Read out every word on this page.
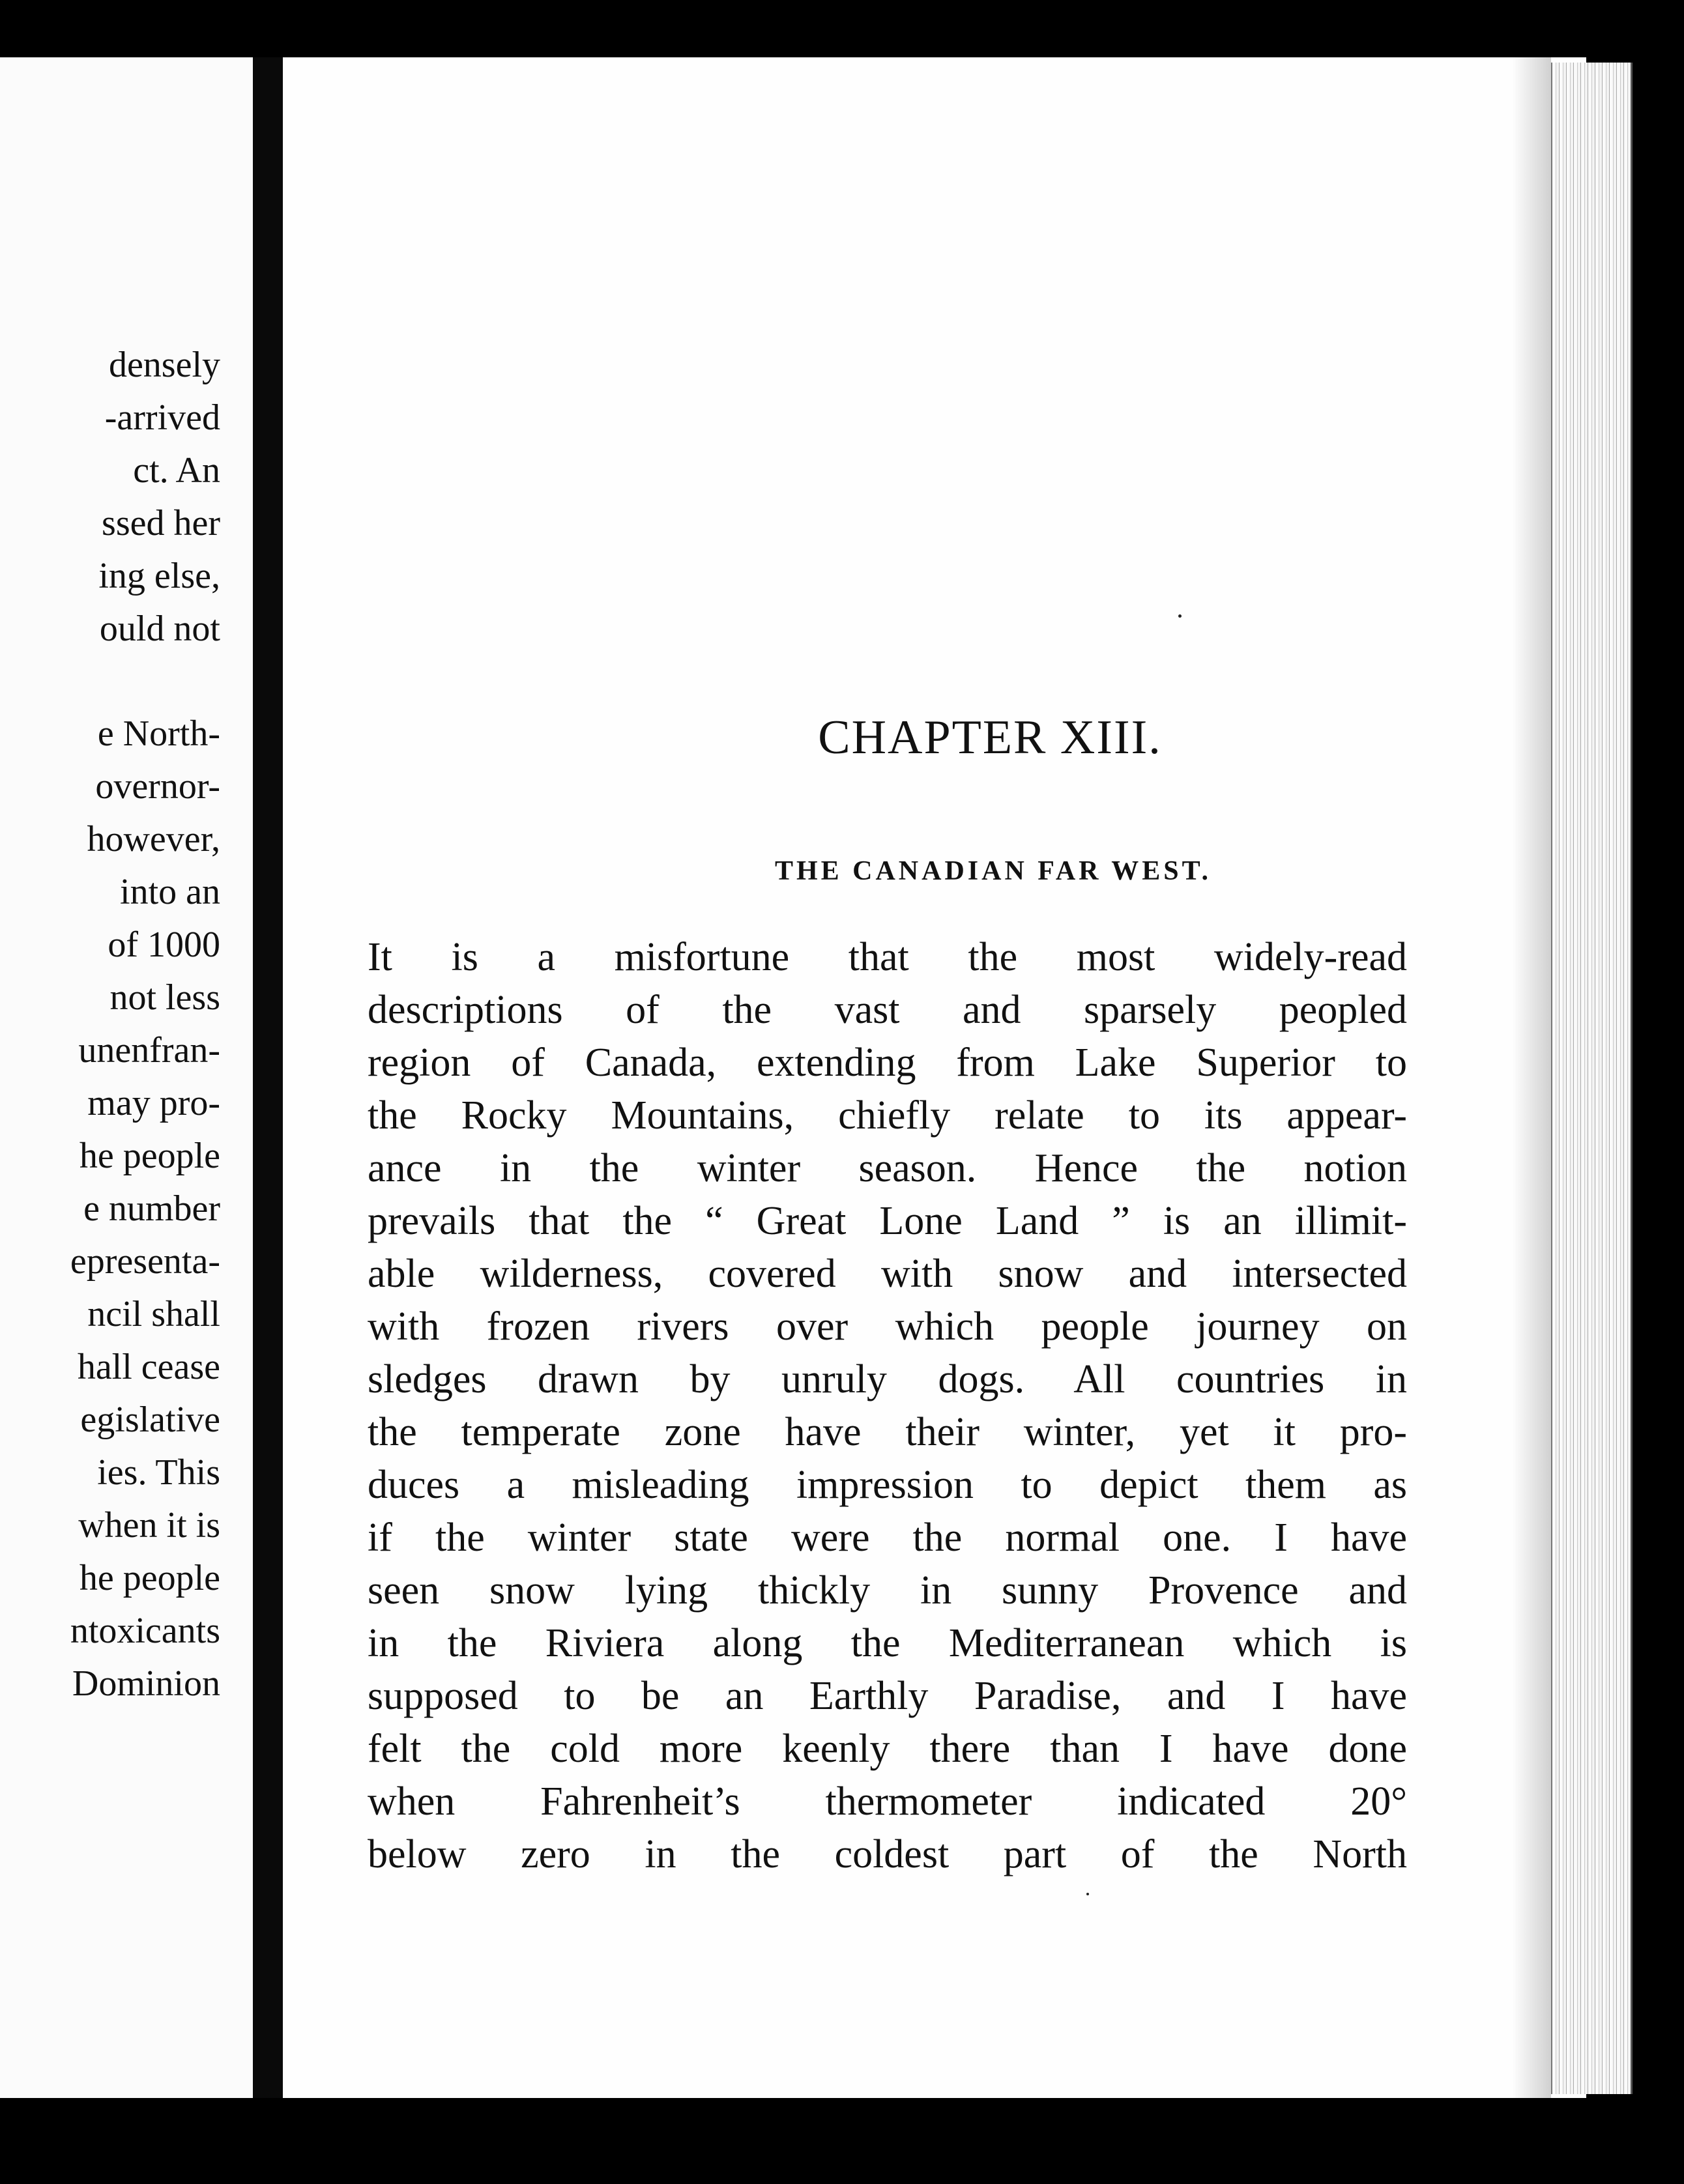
densely
-arrived
ct. An
ssed her
ing else,
ould not
e North-
overnor-
however,
into an
of 1000
not less
unenfran-
may pro-
he people
e number
epresenta-
ncil shall
hall cease
egislative
ies. This
when it is
he people
ntoxicants
Dominion
CHAPTER XIII.
THE CANADIAN FAR WEST.
It is a misfortune that the most widely-read
descriptions of the vast and sparsely peopled
region of Canada, extending from Lake Superior to
the Rocky Mountains, chiefly relate to its appear-
ance in the winter season. Hence the notion
prevails that the “ Great Lone Land ” is an illimit-
able wilderness, covered with snow and intersected
with frozen rivers over which people journey on
sledges drawn by unruly dogs. All countries in
the temperate zone have their winter, yet it pro-
duces a misleading impression to depict them as
if the winter state were the normal one. I have
seen snow lying thickly in sunny Provence and
in the Riviera along the Mediterranean which is
supposed to be an Earthly Paradise, and I have
felt the cold more keenly there than I have done
when Fahrenheit’s thermometer indicated 20°
below zero in the coldest part of the North
